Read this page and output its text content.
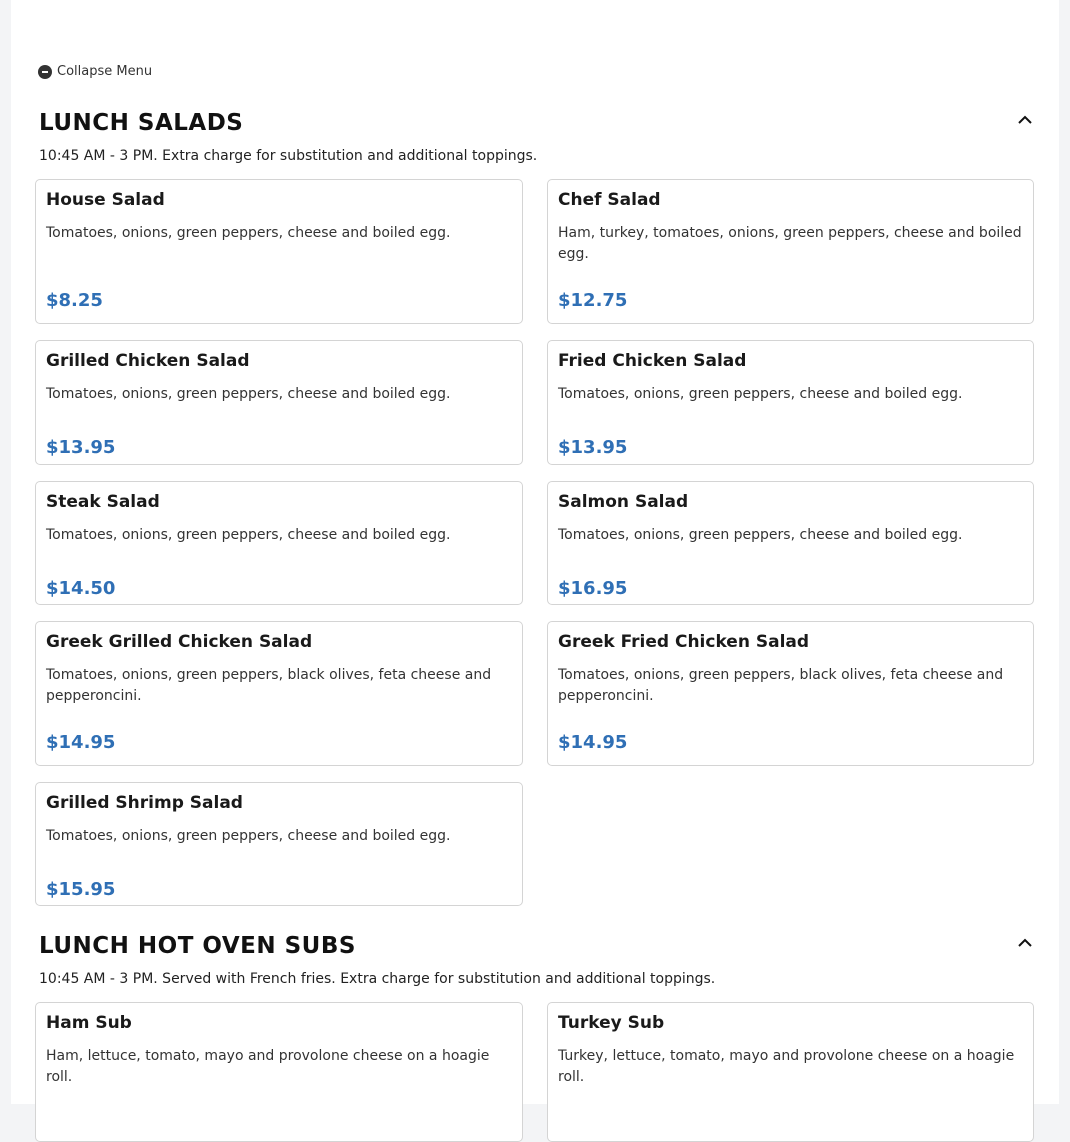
Collapse Menu
LUNCH SALADS
10:45 AM - 3 PM. Extra charge for substitution and additional toppings.
House Salad
Tomatoes, onions, green peppers, cheese and boiled egg.
$8.25
Chef Salad
Ham, turkey, tomatoes, onions, green peppers, cheese and boiled egg.
$12.75
Grilled Chicken Salad
Tomatoes, onions, green peppers, cheese and boiled egg.
$13.95
Fried Chicken Salad
Tomatoes, onions, green peppers, cheese and boiled egg.
$13.95
Steak Salad
Tomatoes, onions, green peppers, cheese and boiled egg.
$14.50
Salmon Salad
Tomatoes, onions, green peppers, cheese and boiled egg.
$16.95
Greek Grilled Chicken Salad
Tomatoes, onions, green peppers, black olives, feta cheese and pepperoncini.
$14.95
Greek Fried Chicken Salad
Tomatoes, onions, green peppers, black olives, feta cheese and pepperoncini.
$14.95
Grilled Shrimp Salad
Tomatoes, onions, green peppers, cheese and boiled egg.
$15.95
LUNCH HOT OVEN SUBS
10:45 AM - 3 PM. Served with French fries. Extra charge for substitution and additional toppings.
Ham Sub
Ham, lettuce, tomato, mayo and provolone cheese on a hoagie roll.
Turkey Sub
Turkey, lettuce, tomato, mayo and provolone cheese on a hoagie roll.
